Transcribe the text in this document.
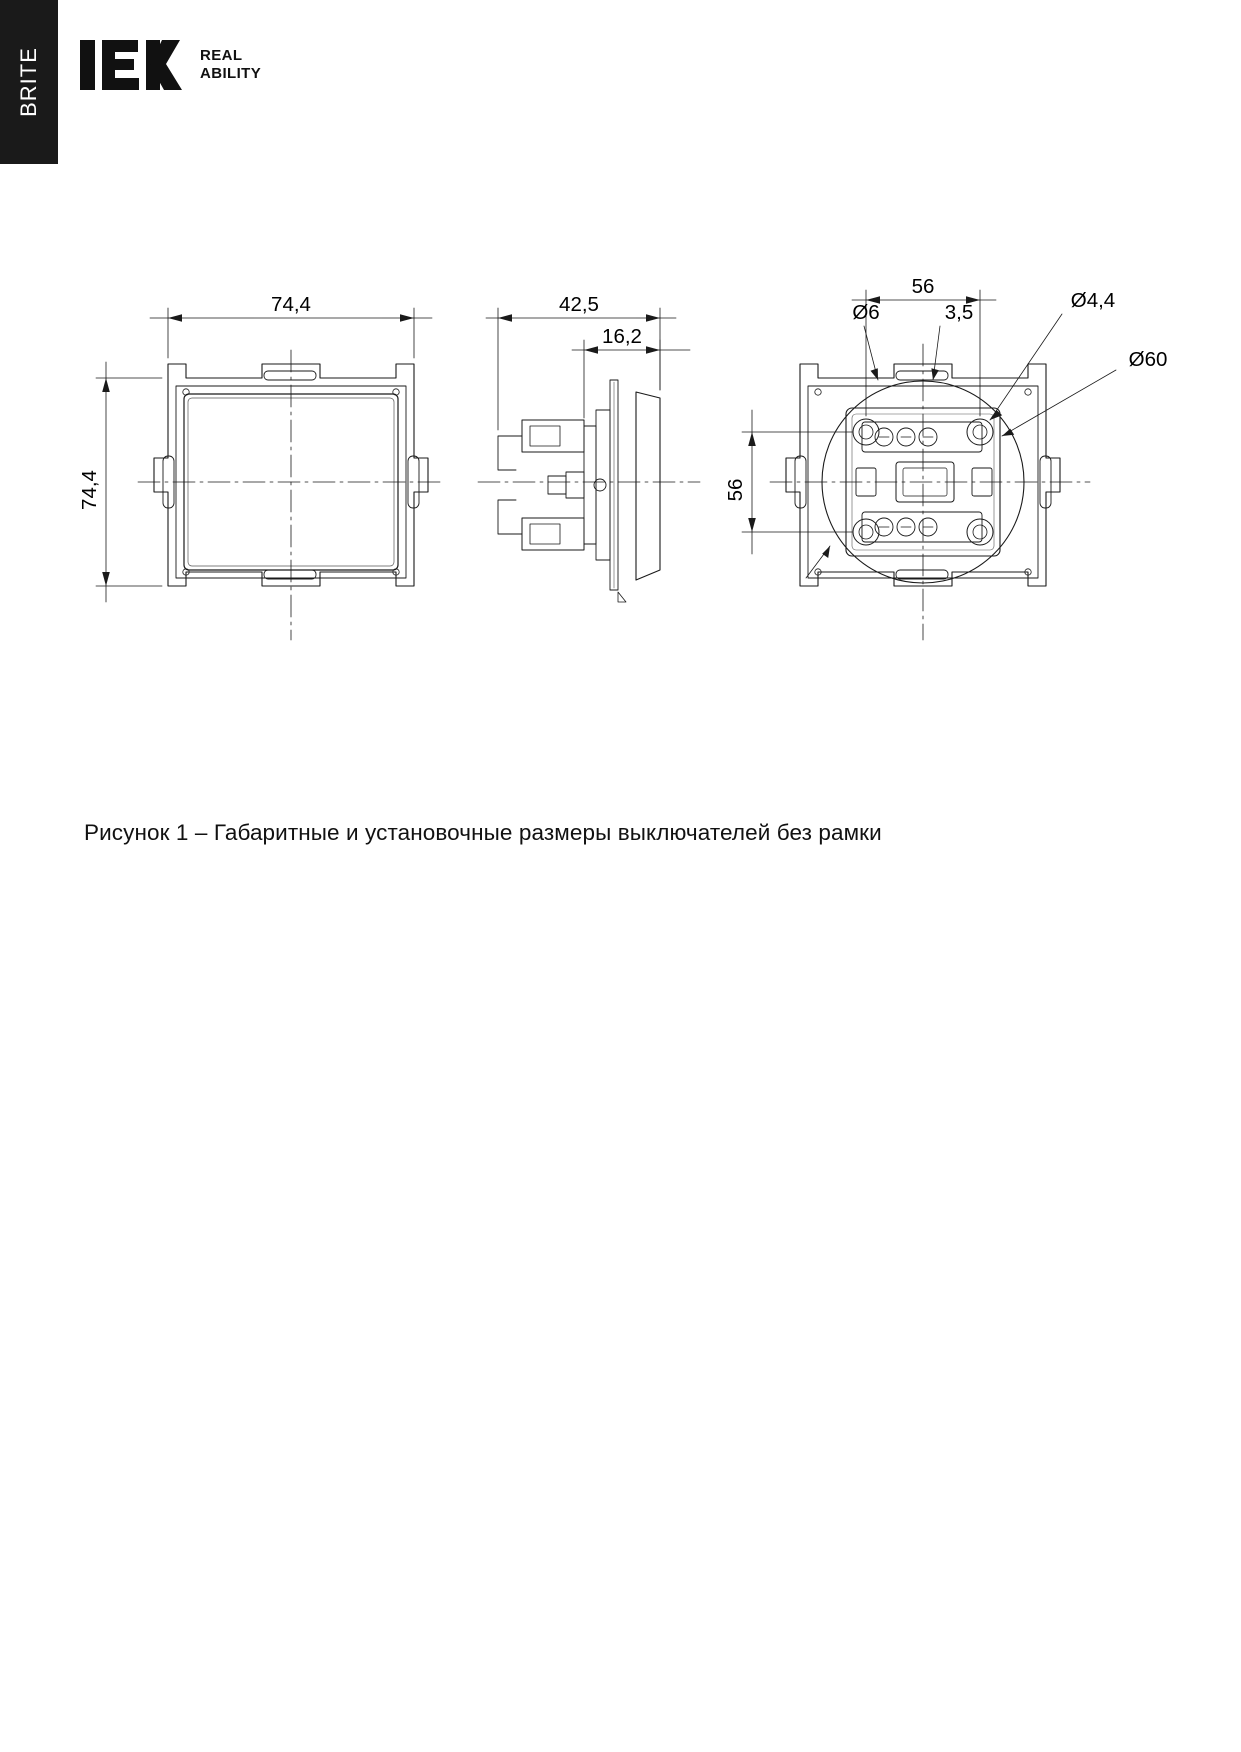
BRITE	REAL
ABILITY
74,4
74,4
42,5
16,2
56
56
3,5
Ø6
Ø4,4
Ø60
Рисунок 1 – Габаритные и установочные размеры выключателей без рамки
